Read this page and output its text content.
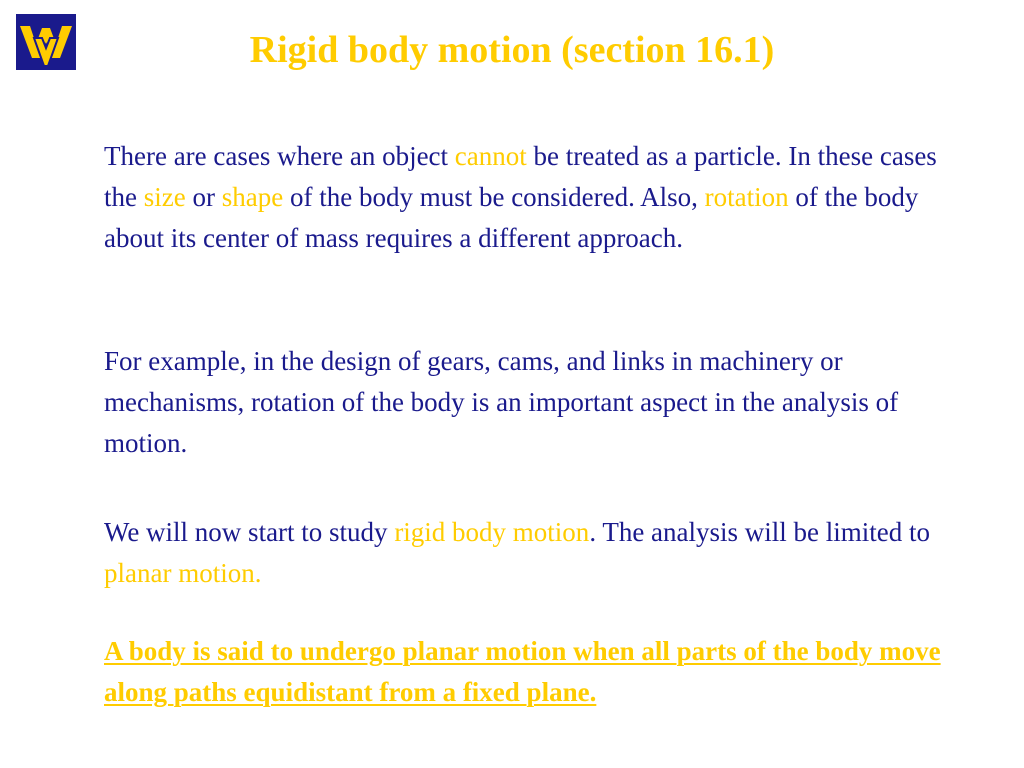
Rigid body motion (section 16.1)

There are cases where an object cannot be treated as a particle. In these cases the size or shape of the body must be considered. Also, rotation of the body about its center of mass requires a different approach.

For example, in the design of gears, cams, and links in machinery or mechanisms, rotation of the body is an important aspect in the analysis of motion.

We will now start to study rigid body motion. The analysis will be limited to planar motion.

A body is said to undergo planar motion when all parts of the body move along paths equidistant from a fixed plane.
